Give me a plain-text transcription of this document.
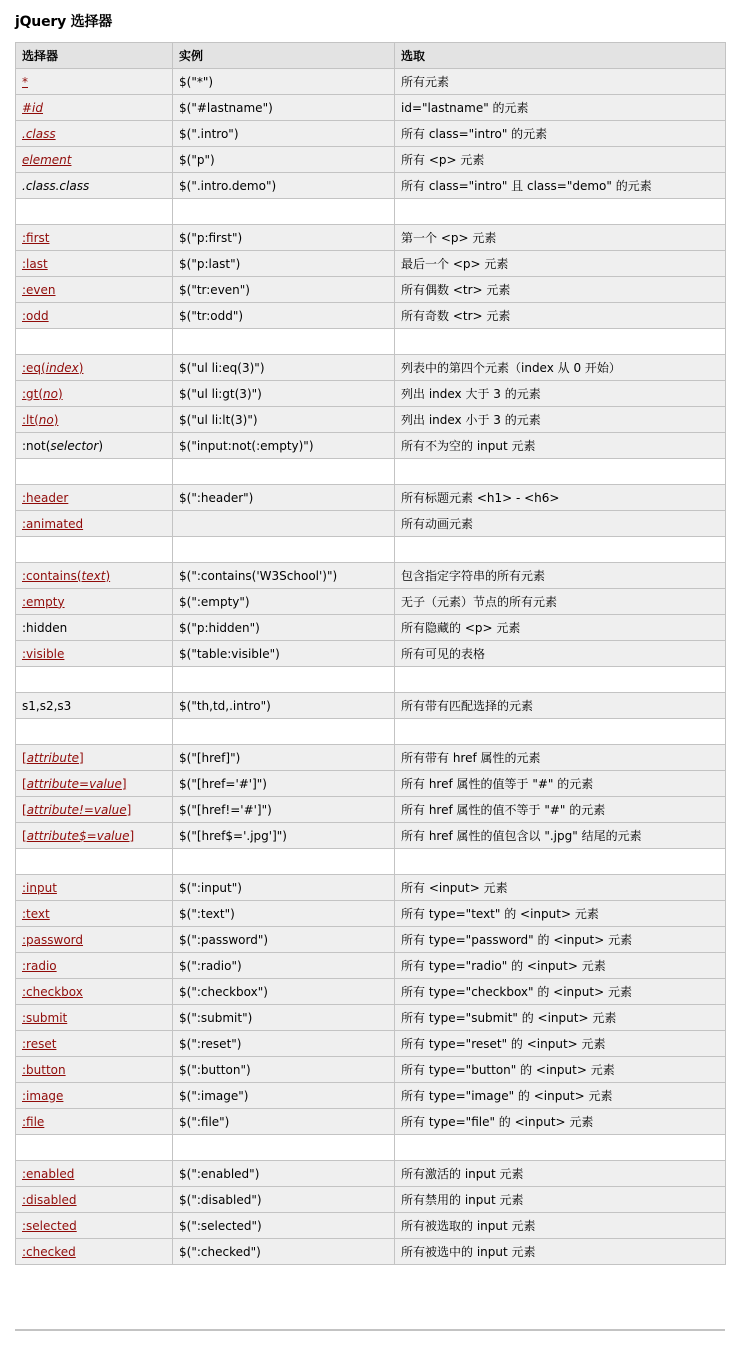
jQuery 选择器
选择器	实例	选取
*	$("*")	所有元素
#id	$("#lastname")	id="lastname" 的元素
.class	$(".intro")	所有 class="intro" 的元素
element	$("p")	所有 <p> 元素
.class.class	$(".intro.demo")	所有 class="intro" 且 class="demo" 的元素

:first	$("p:first")	第一个 <p> 元素
:last	$("p:last")	最后一个 <p> 元素
:even	$("tr:even")	所有偶数 <tr> 元素
:odd	$("tr:odd")	所有奇数 <tr> 元素

:eq(index)	$("ul li:eq(3)")	列表中的第四个元素（index 从 0 开始）
:gt(no)	$("ul li:gt(3)")	列出 index 大于 3 的元素
:lt(no)	$("ul li:lt(3)")	列出 index 小于 3 的元素
:not(selector)	$("input:not(:empty)")	所有不为空的 input 元素

:header	$(":header")	所有标题元素 <h1> - <h6>
:animated		所有动画元素

:contains(text)	$(":contains('W3School')")	包含指定字符串的所有元素
:empty	$(":empty")	无子（元素）节点的所有元素
:hidden	$("p:hidden")	所有隐藏的 <p> 元素
:visible	$("table:visible")	所有可见的表格

s1,s2,s3	$("th,td,.intro")	所有带有匹配选择的元素

[attribute]	$("[href]")	所有带有 href 属性的元素
[attribute=value]	$("[href='#']")	所有 href 属性的值等于 "#" 的元素
[attribute!=value]	$("[href!='#']")	所有 href 属性的值不等于 "#" 的元素
[attribute$=value]	$("[href$='.jpg']")	所有 href 属性的值包含以 ".jpg" 结尾的元素

:input	$(":input")	所有 <input> 元素
:text	$(":text")	所有 type="text" 的 <input> 元素
:password	$(":password")	所有 type="password" 的 <input> 元素
:radio	$(":radio")	所有 type="radio" 的 <input> 元素
:checkbox	$(":checkbox")	所有 type="checkbox" 的 <input> 元素
:submit	$(":submit")	所有 type="submit" 的 <input> 元素
:reset	$(":reset")	所有 type="reset" 的 <input> 元素
:button	$(":button")	所有 type="button" 的 <input> 元素
:image	$(":image")	所有 type="image" 的 <input> 元素
:file	$(":file")	所有 type="file" 的 <input> 元素

:enabled	$(":enabled")	所有激活的 input 元素
:disabled	$(":disabled")	所有禁用的 input 元素
:selected	$(":selected")	所有被选取的 input 元素
:checked	$(":checked")	所有被选中的 input 元素
